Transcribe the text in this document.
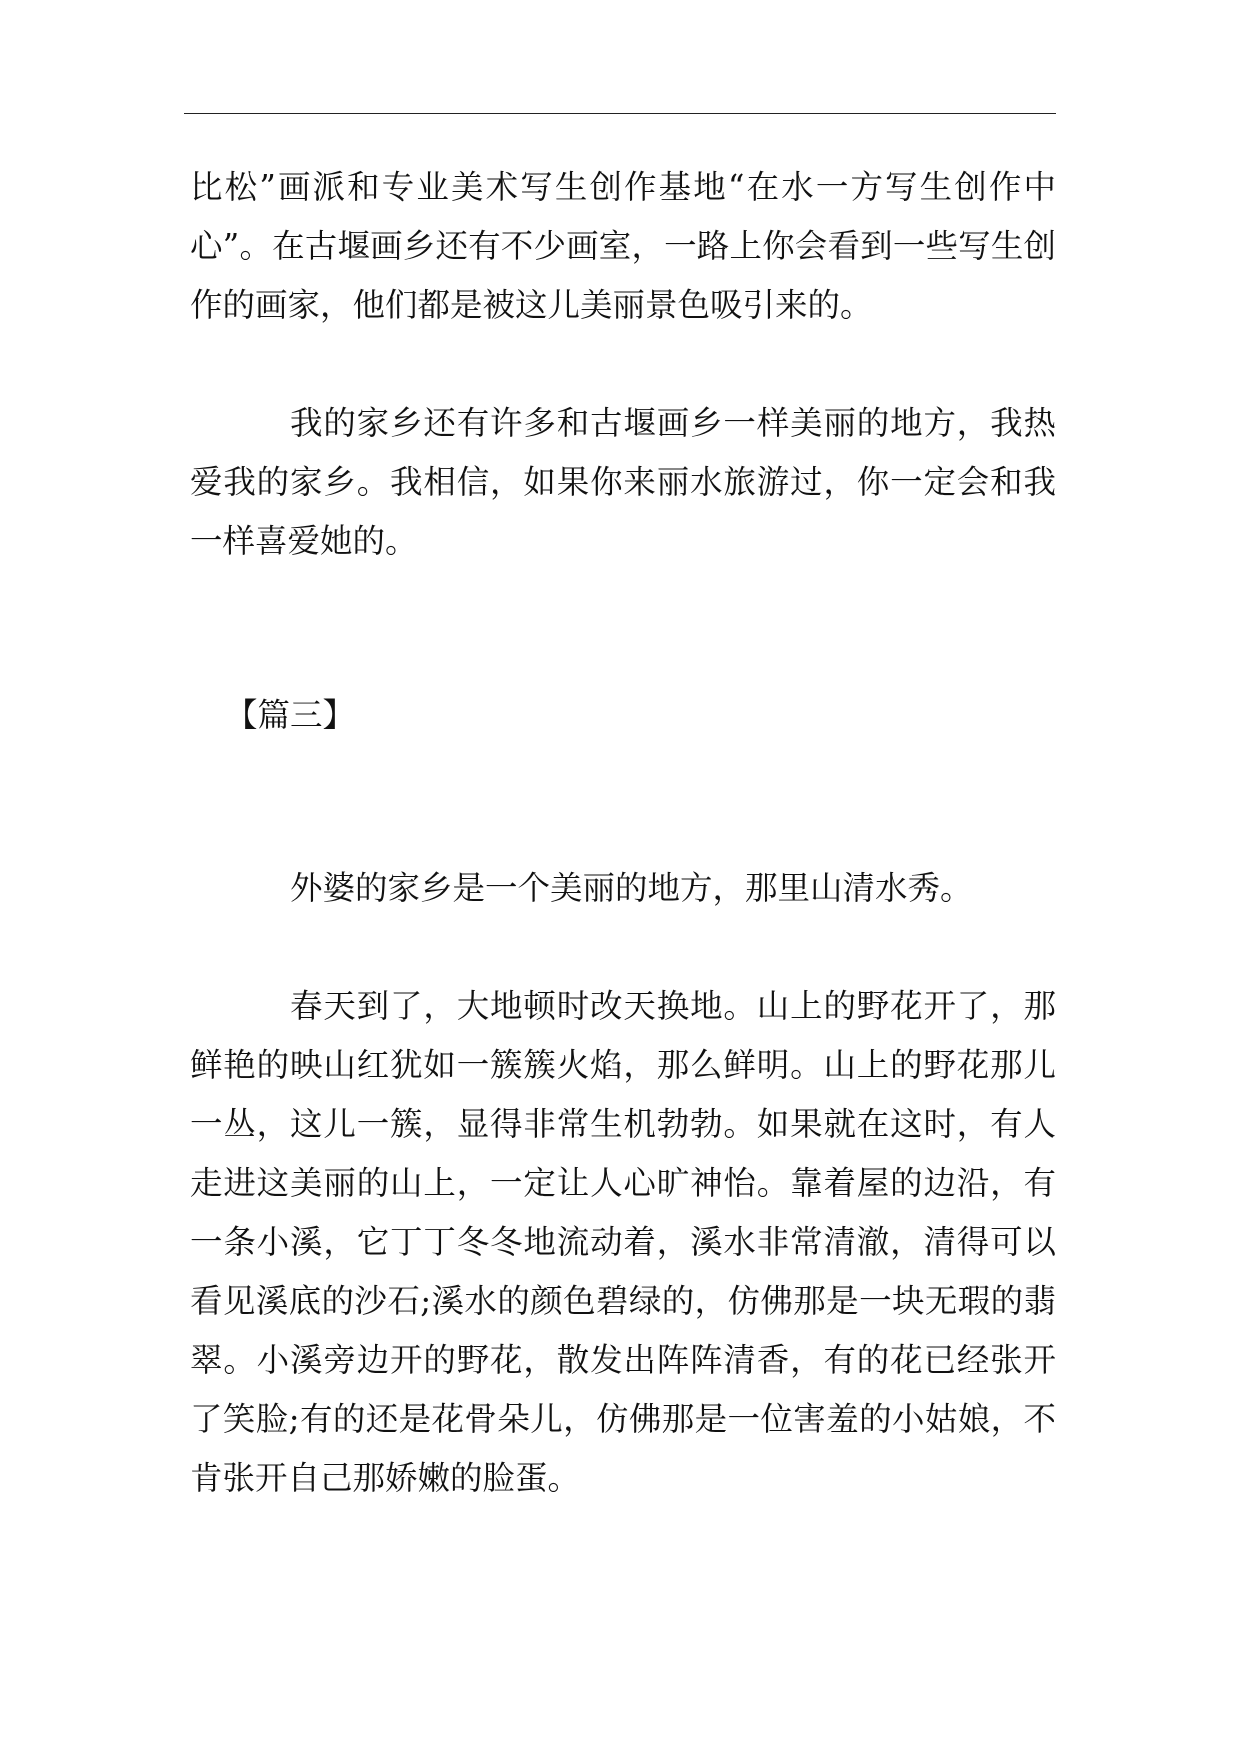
比松”画派和专业美术写生创作基地“在水一方写生创作中心”。在古堰画乡还有不少画室，一路上你会看到一些写生创作的画家，他们都是被这儿美丽景色吸引来的。

我的家乡还有许多和古堰画乡一样美丽的地方，我热爱我的家乡。我相信，如果你来丽水旅游过，你一定会和我一样喜爱她的。

【篇三】

外婆的家乡是一个美丽的地方，那里山清水秀。

春天到了，大地顿时改天换地。山上的野花开了，那鲜艳的映山红犹如一簇簇火焰，那么鲜明。山上的野花那儿一丛，这儿一簇，显得非常生机勃勃。如果就在这时，有人走进这美丽的山上，一定让人心旷神怡。靠着屋的边沿，有一条小溪，它丁丁冬冬地流动着，溪水非常清澈，清得可以看见溪底的沙石;溪水的颜色碧绿的，仿佛那是一块无瑕的翡翠。小溪旁边开的野花，散发出阵阵清香，有的花已经张开了笑脸;有的还是花骨朵儿，仿佛那是一位害羞的小姑娘，不肯张开自己那娇嫩的脸蛋。
